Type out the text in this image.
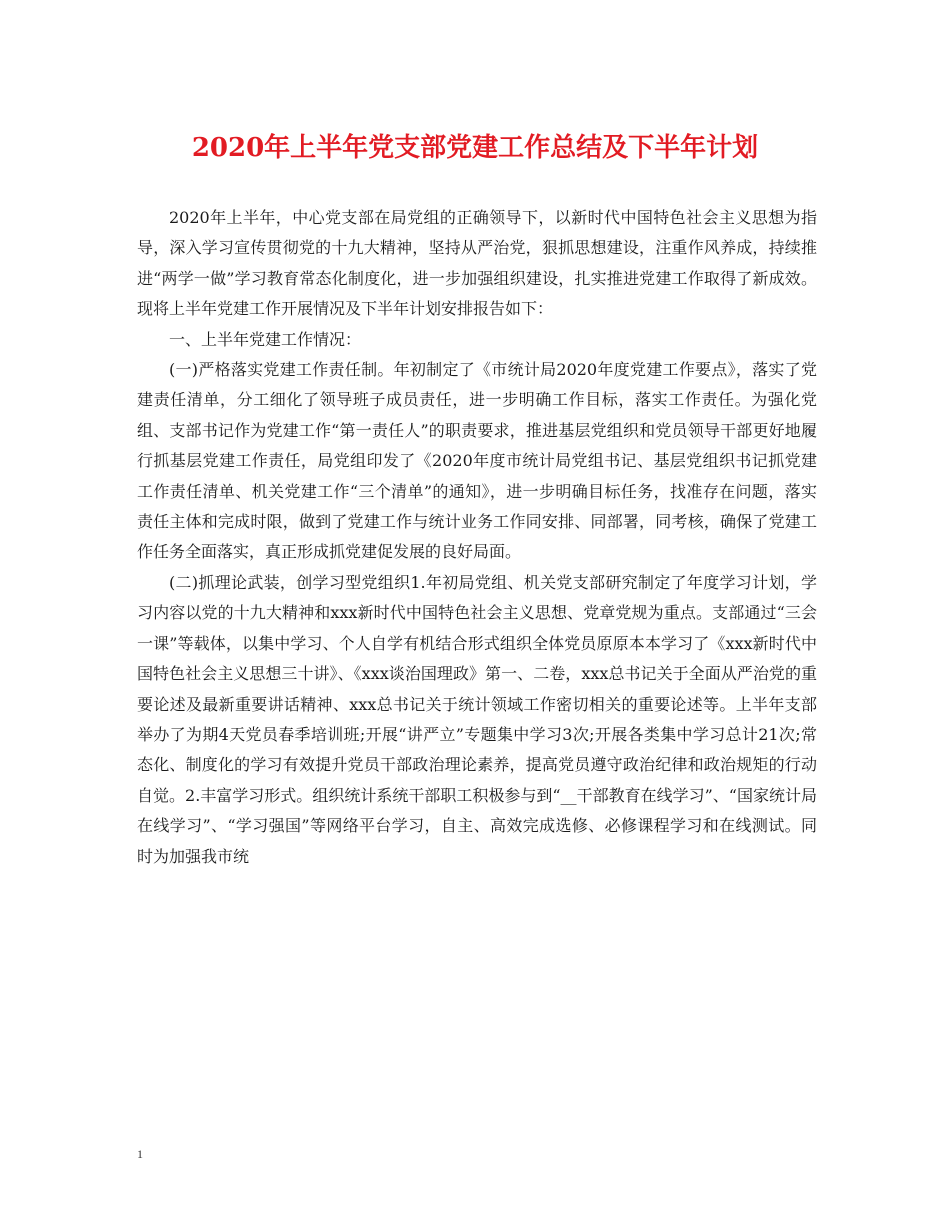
2020年上半年党支部党建工作总结及下半年计划

2020年上半年，中心党支部在局党组的正确领导下，以新时代中国特色社会主义思想为指导，深入学习宣传贯彻党的十九大精神，坚持从严治党，狠抓思想建设，注重作风养成，持续推进“两学一做”学习教育常态化制度化，进一步加强组织建设，扎实推进党建工作取得了新成效。现将上半年党建工作开展情况及下半年计划安排报告如下：

一、上半年党建工作情况：

(一)严格落实党建工作责任制。年初制定了《市统计局2020年度党建工作要点》，落实了党建责任清单，分工细化了领导班子成员责任，进一步明确工作目标，落实工作责任。为强化党组、支部书记作为党建工作“第一责任人”的职责要求，推进基层党组织和党员领导干部更好地履行抓基层党建工作责任，局党组印发了《2020年度市统计局党组书记、基层党组织书记抓党建工作责任清单、机关党建工作“三个清单”的通知》，进一步明确目标任务，找准存在问题，落实责任主体和完成时限，做到了党建工作与统计业务工作同安排、同部署，同考核，确保了党建工作任务全面落实，真正形成抓党建促发展的良好局面。

(二)抓理论武装，创学习型党组织1.年初局党组、机关党支部研究制定了年度学习计划，学习内容以党的十九大精神和xxx新时代中国特色社会主义思想、党章党规为重点。支部通过“三会一课”等载体，以集中学习、个人自学有机结合形式组织全体党员原原本本学习了《xxx新时代中国特色社会主义思想三十讲》、《xxx谈治国理政》第一、二卷，xxx总书记关于全面从严治党的重要论述及最新重要讲话精神、xxx总书记关于统计领域工作密切相关的重要论述等。上半年支部举办了为期4天党员春季培训班;开展“讲严立”专题集中学习3次;开展各类集中学习总计21次;常态化、制度化的学习有效提升党员干部政治理论素养，提高党员遵守政治纪律和政治规矩的行动自觉。2.丰富学习形式。组织统计系统干部职工积极参与到“__干部教育在线学习”、“国家统计局在线学习”、“学习强国”等网络平台学习，自主、高效完成选修、必修课程学习和在线测试。同时为加强我市统

1
